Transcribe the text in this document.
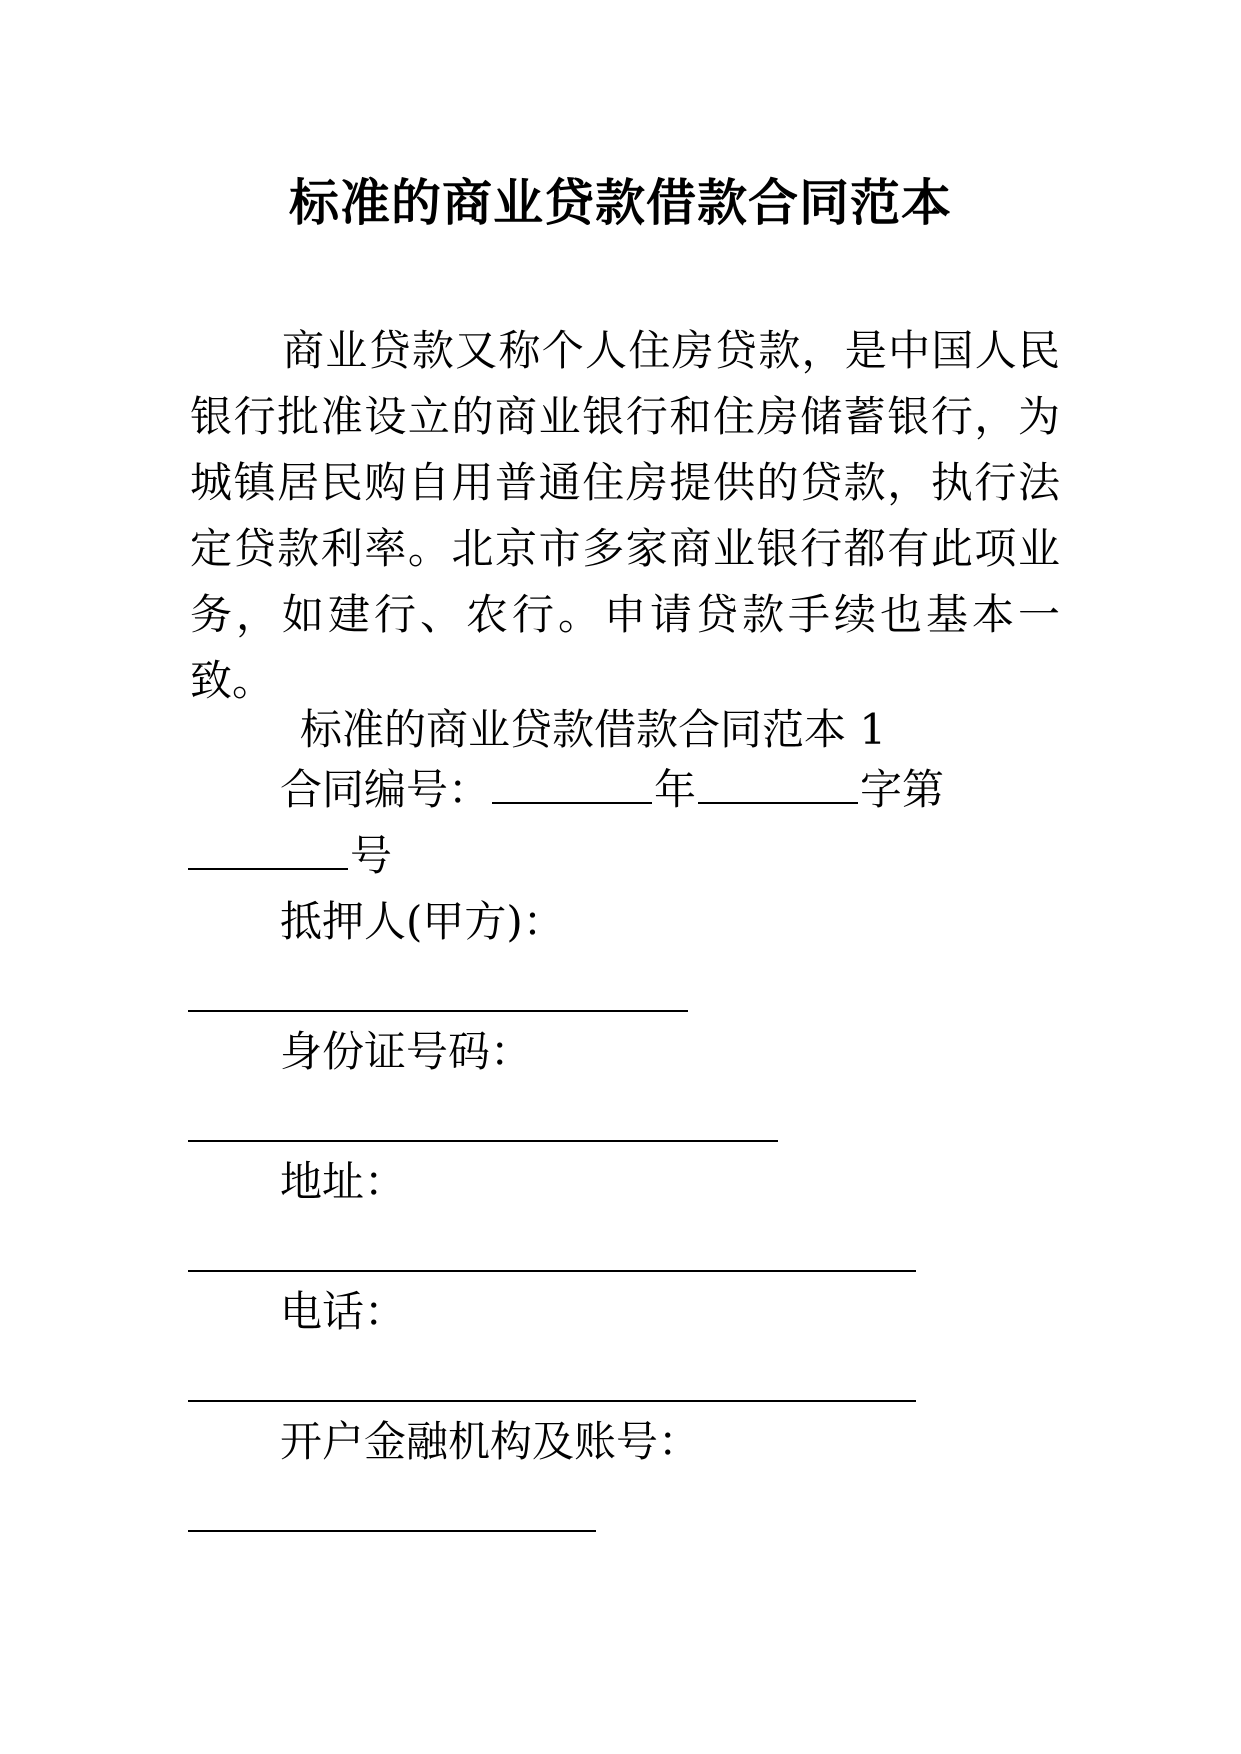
标准的商业贷款借款合同范本

商业贷款又称个人住房贷款，是中国人民银行批准设立的商业银行和住房储蓄银行，为城镇居民购自用普通住房提供的贷款，执行法定贷款利率。北京市多家商业银行都有此项业务，如建行、农行。申请贷款手续也基本一致。

标准的商业贷款借款合同范本 1
合同编号：	年	字第
号
抵押人(甲方)：
身份证号码：
地址：
电话：
开户金融机构及账号：
